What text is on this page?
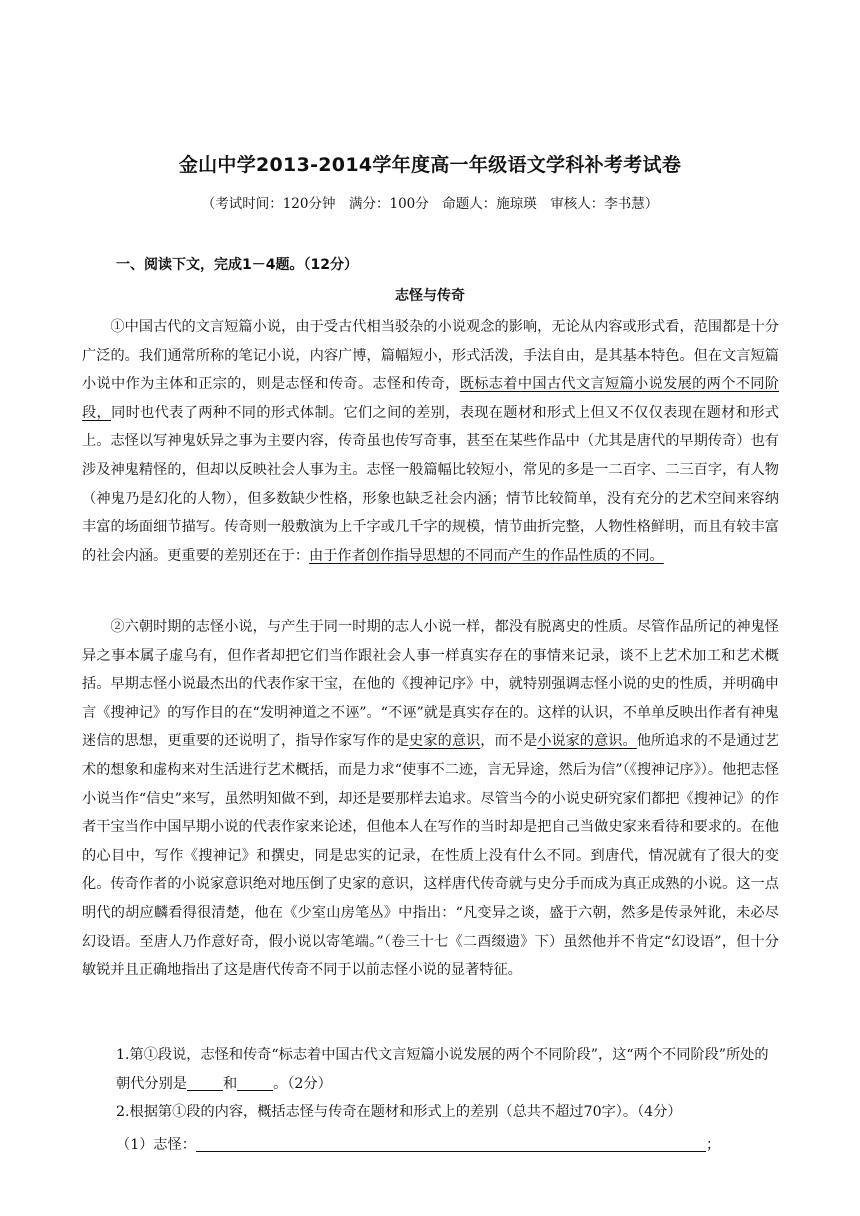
金山中学2013-2014学年度高一年级语文学科补考考试卷
（考试时间：120分钟　满分：100分　命题人：施琼瑛　审核人：李书慧）
一、阅读下文，完成1－4题。（12分）
志怪与传奇

①中国古代的文言短篇小说，由于受古代相当驳杂的小说观念的影响，无论从内容或形式看，范围都是十分广泛的。我们通常所称的笔记小说，内容广博，篇幅短小，形式活泼，手法自由，是其基本特色。但在文言短篇小说中作为主体和正宗的，则是志怪和传奇。志怪和传奇，既标志着中国古代文言短篇小说发展的两个不同阶段，同时也代表了两种不同的形式体制。它们之间的差别，表现在题材和形式上但又不仅仅表现在题材和形式上。志怪以写神鬼妖异之事为主要内容，传奇虽也传写奇事，甚至在某些作品中（尤其是唐代的早期传奇）也有涉及神鬼精怪的，但却以反映社会人事为主。志怪一般篇幅比较短小，常见的多是一二百字、二三百字，有人物（神鬼乃是幻化的人物），但多数缺少性格，形象也缺乏社会内涵；情节比较简单，没有充分的艺术空间来容纳丰富的场面细节描写。传奇则一般敷演为上千字或几千字的规模，情节曲折完整，人物性格鲜明，而且有较丰富的社会内涵。更重要的差别还在于：由于作者创作指导思想的不同而产生的作品性质的不同。

②六朝时期的志怪小说，与产生于同一时期的志人小说一样，都没有脱离史的性质。尽管作品所记的神鬼怪异之事本属子虚乌有，但作者却把它们当作跟社会人事一样真实存在的事情来记录，谈不上艺术加工和艺术概括。早期志怪小说最杰出的代表作家干宝，在他的《搜神记序》中，就特别强调志怪小说的史的性质，并明确申言《搜神记》的写作目的在“发明神道之不诬”。“不诬”就是真实存在的。这样的认识，不单单反映出作者有神鬼迷信的思想，更重要的还说明了，指导作家写作的是史家的意识，而不是小说家的意识。他所追求的不是通过艺术的想象和虚构来对生活进行艺术概括，而是力求“使事不二迹，言无异途，然后为信”（《搜神记序》）。他把志怪小说当作“信史”来写，虽然明知做不到，却还是要那样去追求。尽管当今的小说史研究家们都把《搜神记》的作者干宝当作中国早期小说的代表作家来论述，但他本人在写作的当时却是把自己当做史家来看待和要求的。在他的心目中，写作《搜神记》和撰史，同是忠实的记录，在性质上没有什么不同。到唐代，情况就有了很大的变化。传奇作者的小说家意识绝对地压倒了史家的意识，这样唐代传奇就与史分手而成为真正成熟的小说。这一点明代的胡应麟看得很清楚，他在《少室山房笔丛》中指出：“凡变异之谈，盛于六朝，然多是传录舛讹，未必尽幻设语。至唐人乃作意好奇，假小说以寄笔端。”（卷三十七《二酉缀遗》下）虽然他并不肯定“幻设语”，但十分敏锐并且正确地指出了这是唐代传奇不同于以前志怪小说的显著特征。

1.第①段说，志怪和传奇“标志着中国古代文言短篇小说发展的两个不同阶段”，这“两个不同阶段”所处的朝代分别是	和	。（2分）
2.根据第①段的内容，概括志怪与传奇在题材和形式上的差别（总共不超过70字）。（4分）
（1）志怪：	；
